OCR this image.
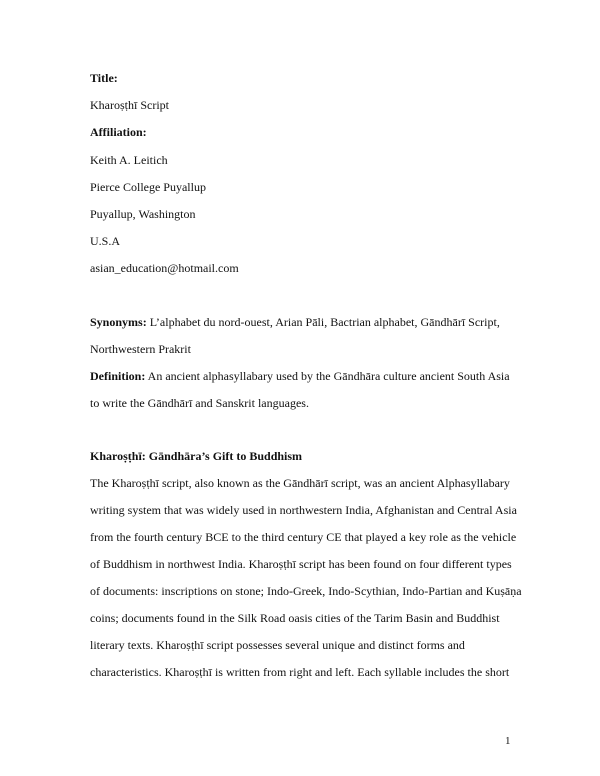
Title:
Kharoṣṭhī Script
Affiliation:
Keith A. Leitich
Pierce College Puyallup
Puyallup, Washington
U.S.A
asian_education@hotmail.com
Synonyms: L’alphabet du nord-ouest, Arian Pāli, Bactrian alphabet, Gāndhārī Script,
Northwestern Prakrit
Definition: An ancient alphasyllabary used by the Gāndhāra culture ancient South Asia
to write the Gāndhārī and Sanskrit languages.
Kharoṣṭhī: Gāndhāra’s Gift to Buddhism
The Kharoṣṭhī script, also known as the Gāndhārī script, was an ancient Alphasyllabary
writing system that was widely used in northwestern India, Afghanistan and Central Asia
from the fourth century BCE to the third century CE that played a key role as the vehicle
of Buddhism in northwest India. Kharoṣṭhī script has been found on four different types
of documents: inscriptions on stone; Indo-Greek, Indo-Scythian, Indo-Partian and Kuṣāṇa
coins; documents found in the Silk Road oasis cities of the Tarim Basin and Buddhist
literary texts. Kharoṣṭhī script possesses several unique and distinct forms and
characteristics. Kharoṣṭhī is written from right and left. Each syllable includes the short
1
